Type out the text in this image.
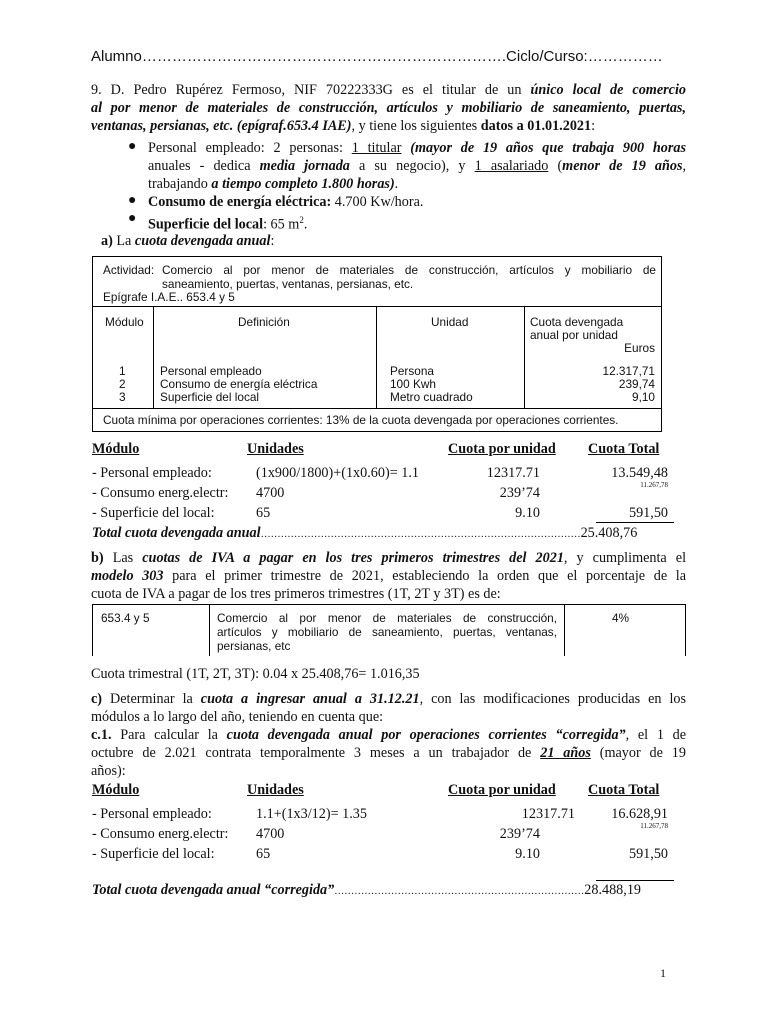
Alumno……………………………………………………………….Ciclo/Curso:……………
9. D. Pedro Rupérez Fermoso, NIF 70222333G es el titular de un único local de comercio
al por menor de materiales de construcción, artículos y mobiliario de saneamiento, puertas,
ventanas, persianas, etc. (epígraf.653.4 IAE), y tiene los siguientes datos a 01.01.2021:
● Personal empleado: 2 personas: 1 titular (mayor de 19 años que trabaja 900 horas
anuales - dedica media jornada a su negocio), y 1 asalariado (menor de 19 años,
trabajando a tiempo completo 1.800 horas).
● Consumo de energía eléctrica: 4.700 Kw/hora.
● Superficie del local: 65 $m^2$.
a) La cuota devengada anual:
Actividad: Comercio al por menor de materiales de construcción, artículos y mobiliario de
saneamiento, puertas, ventanas, persianas, etc.
Epígrafe I.A.E.. 653.4 y 5
Módulo	Definición	Unidad	Cuota devengada
anual por unidad
Euros
1	Personal empleado	Persona	12.317,71
2	Consumo de energía eléctrica	100 Kwh	239,74
3	Superficie del local	Metro cuadrado	9,10
Cuota mínima por operaciones corrientes: 13% de la cuota devengada por operaciones corrientes.
Módulo	Unidades	Cuota por unidad Cuota Total
- Personal empleado:	(1x900/1800)+(1x0.60)= 1.1	12317.71	13.549,48
- Consumo energ.electr: 4700	239’74	11.267,78
- Superficie del local:	65	9.10	591,50
Total cuota devengada anual……………………………………………………………………………………25.408,76
b) Las cuotas de IVA a pagar en los tres primeros trimestres del 2021, y cumplimenta el
modelo 303 para el primer trimestre de 2021, estableciendo la orden que el porcentaje de la
cuota de IVA a pagar de los tres primeros trimestres (1T, 2T y 3T) es de:
653.4 y 5	Comercio al por menor de materiales de construcción,
artículos y mobiliario de saneamiento, puertas, ventanas,
persianas, etc
4%
Cuota trimestral (1T, 2T, 3T): 0.04 x 25.408,76= 1.016,35
c) Determinar la cuota a ingresar anual a 31.12.21, con las modificaciones producidas en los
módulos a lo largo del año, teniendo en cuenta que:
c.1. Para calcular la cuota devengada anual por operaciones corrientes “corregida”, el 1 de
octubre de 2.021 contrata temporalmente 3 meses a un trabajador de 21 años (mayor de 19
años):
Módulo	Unidades	Cuota por unidad Cuota Total
- Personal empleado:	1.1+(1x3/12)= 1.35	12317.71	16.628,91
- Consumo energ.electr: 4700	239’74	11.267,78
- Superficie del local:	65	9.10	591,50
Total cuota devengada anual “corregida”…………………………………………………………………28.488,19
1
